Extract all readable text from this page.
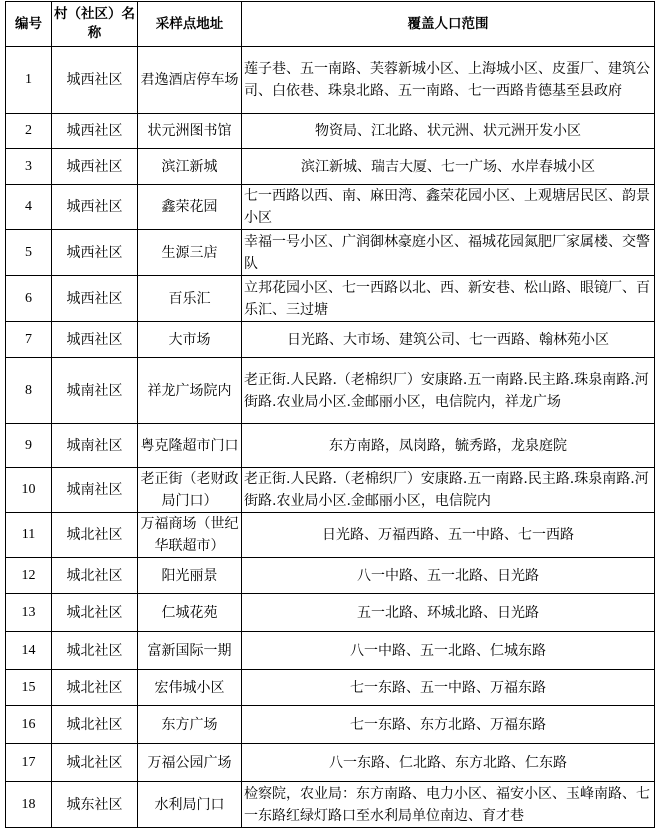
编号	村（社区）名称	采样点地址	覆盖人口范围
1	城西社区	君逸酒店停车场	莲子巷、五一南路、芙蓉新城小区、上海城小区、皮蛋厂、建筑公司、白依巷、珠泉北路、五一南路、七一西路肯德基至县政府
2	城西社区	状元洲图书馆	物资局、江北路、状元洲、状元洲开发小区
3	城西社区	滨江新城	滨江新城、瑞吉大厦、七一广场、水岸春城小区
4	城西社区	鑫荣花园	七一西路以西、南、麻田湾、鑫荣花园小区、上观塘居民区、韵景小区
5	城西社区	生源三店	幸福一号小区、广润御林豪庭小区、福城花园氮肥厂家属楼、交警队
6	城西社区	百乐汇	立邦花园小区、七一西路以北、西、新安巷、松山路、眼镜厂、百乐汇、三过塘
7	城西社区	大市场	日光路、大市场、建筑公司、七一西路、翰林苑小区
8	城南社区	祥龙广场院内	老正街.人民路.（老棉织厂）安康路.五一南路.民主路.珠泉南路.河街路.农业局小区.金邮丽小区，电信院内，祥龙广场
9	城南社区	粤克隆超市门口	东方南路，凤岗路，毓秀路，龙泉庭院
10	城南社区	老正街（老财政局门口）	老正街.人民路.（老棉织厂）安康路.五一南路.民主路.珠泉南路.河街路.农业局小区.金邮丽小区，电信院内
11	城北社区	万福商场（世纪华联超市）	日光路、万福西路、五一中路、七一西路
12	城北社区	阳光丽景	八一中路、五一北路、日光路
13	城北社区	仁城花苑	五一北路、环城北路、日光路
14	城北社区	富新国际一期	八一中路、五一北路、仁城东路
15	城北社区	宏伟城小区	七一东路、五一中路、万福东路
16	城北社区	东方广场	七一东路、东方北路、万福东路
17	城北社区	万福公园广场	八一东路、仁北路、东方北路、仁东路
18	城东社区	水利局门口	检察院，农业局：东方南路、电力小区、福安小区、玉峰南路、七一东路红绿灯路口至水利局单位南边、育才巷
